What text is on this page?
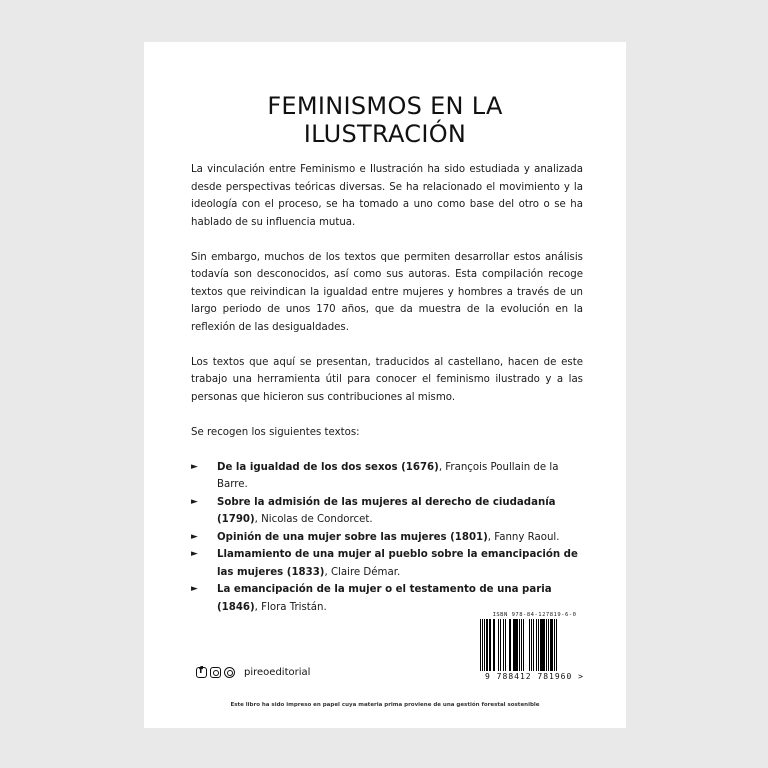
FEMINISMOS EN LA
ILUSTRACIÓN

La vinculación entre Feminismo e Ilustración ha sido estudiada y analizada desde perspectivas teóricas diversas. Se ha relacionado el movimiento y la ideología con el proceso, se ha tomado a uno como base del otro o se ha hablado de su influencia mutua.

Sin embargo, muchos de los textos que permiten desarrollar estos análisis todavía son desconocidos, así como sus autoras. Esta compilación recoge textos que reivindican la igualdad entre mujeres y hombres a través de un largo periodo de unos 170 años, que da muestra de la evolución en la reflexión de las desigualdades.

Los textos que aquí se presentan, traducidos al castellano, hacen de este trabajo una herramienta útil para conocer el feminismo ilustrado y a las personas que hicieron sus contribuciones al mismo.

Se recogen los siguientes textos:

► De la igualdad de los dos sexos (1676), François Poullain de la Barre.
► Sobre la admisión de las mujeres al derecho de ciudadanía (1790), Nicolas de Condorcet.
► Opinión de una mujer sobre las mujeres (1801), Fanny Raoul.
► Llamamiento de una mujer al pueblo sobre la emancipación de las mujeres (1833), Claire Démar.
► La emancipación de la mujer o el testamento de una paria (1846), Flora Tristán.
ISBN 978-84-127819-6-0
9 788412 781960 >
f
pireoeditorial
Este libro ha sido impreso en papel cuya materia prima proviene de una gestión forestal sostenible
